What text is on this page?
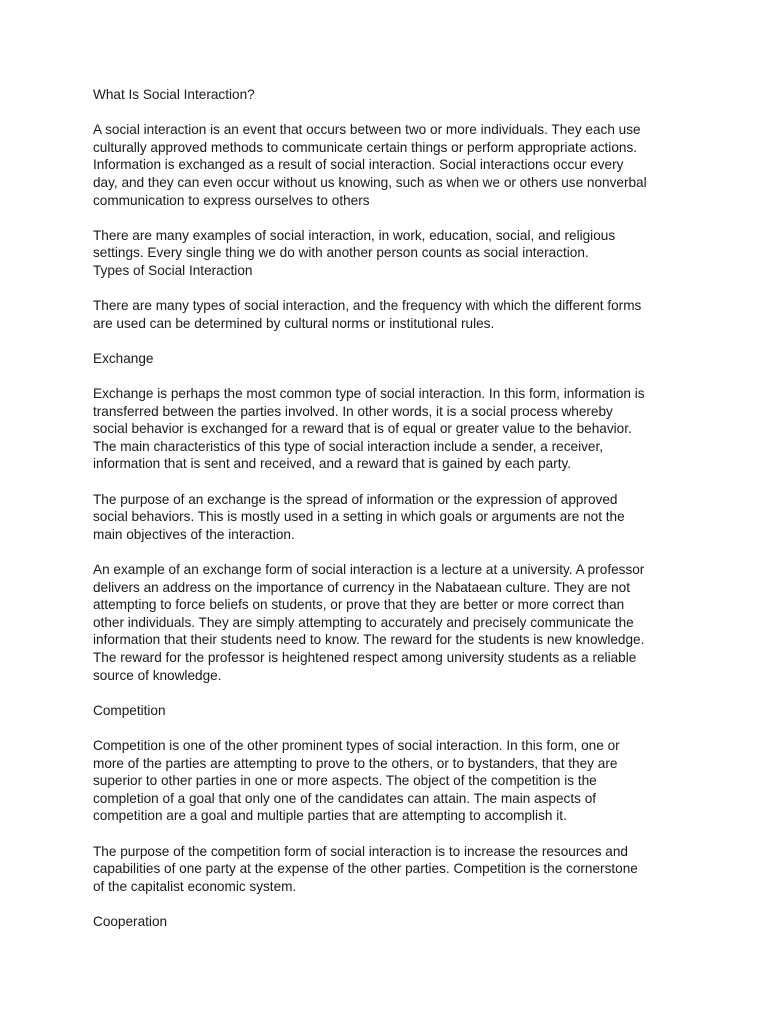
What Is Social Interaction?

A social interaction is an event that occurs between two or more individuals. They each use
culturally approved methods to communicate certain things or perform appropriate actions.
Information is exchanged as a result of social interaction. Social interactions occur every
day, and they can even occur without us knowing, such as when we or others use nonverbal
communication to express ourselves to others

There are many examples of social interaction, in work, education, social, and religious
settings. Every single thing we do with another person counts as social interaction.

Types of Social Interaction

There are many types of social interaction, and the frequency with which the different forms
are used can be determined by cultural norms or institutional rules.

Exchange

Exchange is perhaps the most common type of social interaction. In this form, information is
transferred between the parties involved. In other words, it is a social process whereby
social behavior is exchanged for a reward that is of equal or greater value to the behavior.
The main characteristics of this type of social interaction include a sender, a receiver,
information that is sent and received, and a reward that is gained by each party.

The purpose of an exchange is the spread of information or the expression of approved
social behaviors. This is mostly used in a setting in which goals or arguments are not the
main objectives of the interaction.

An example of an exchange form of social interaction is a lecture at a university. A professor
delivers an address on the importance of currency in the Nabataean culture. They are not
attempting to force beliefs on students, or prove that they are better or more correct than
other individuals. They are simply attempting to accurately and precisely communicate the
information that their students need to know. The reward for the students is new knowledge.
The reward for the professor is heightened respect among university students as a reliable
source of knowledge.

Competition

Competition is one of the other prominent types of social interaction. In this form, one or
more of the parties are attempting to prove to the others, or to bystanders, that they are
superior to other parties in one or more aspects. The object of the competition is the
completion of a goal that only one of the candidates can attain. The main aspects of
competition are a goal and multiple parties that are attempting to accomplish it.

The purpose of the competition form of social interaction is to increase the resources and
capabilities of one party at the expense of the other parties. Competition is the cornerstone
of the capitalist economic system.

Cooperation
